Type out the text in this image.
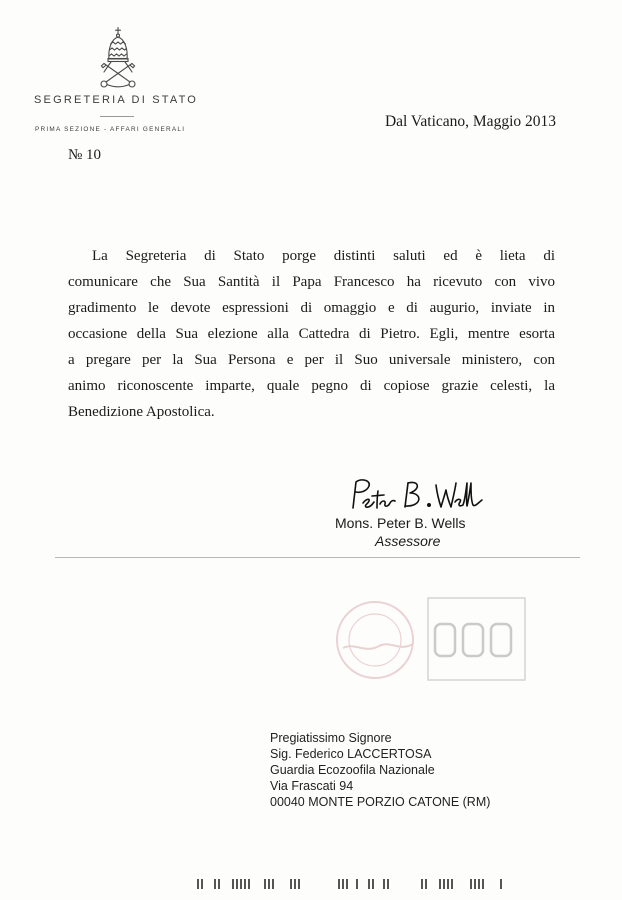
SEGRETERIA DI STATO
PRIMA SEZIONE - AFFARI GENERALI	Dal Vaticano, Maggio 2013
№ 10
La Segreteria di Stato porge distinti saluti ed è lieta di
comunicare che Sua Santità il Papa Francesco ha ricevuto con vivo
gradimento le devote espressioni di omaggio e di augurio, inviate in
occasione della Sua elezione alla Cattedra di Pietro. Egli, mentre esorta
a pregare per la Sua Persona e per il Suo universale ministero, con
animo riconoscente imparte, quale pegno di copiose grazie celesti, la
Benedizione Apostolica.
Mons. Peter B. Wells
Assessore
Pregiatissimo Signore
Sig. Federico LACCERTOSA
Guardia Ecozoofila Nazionale
Via Frascati 94
00040 MONTE PORZIO CATONE (RM)
